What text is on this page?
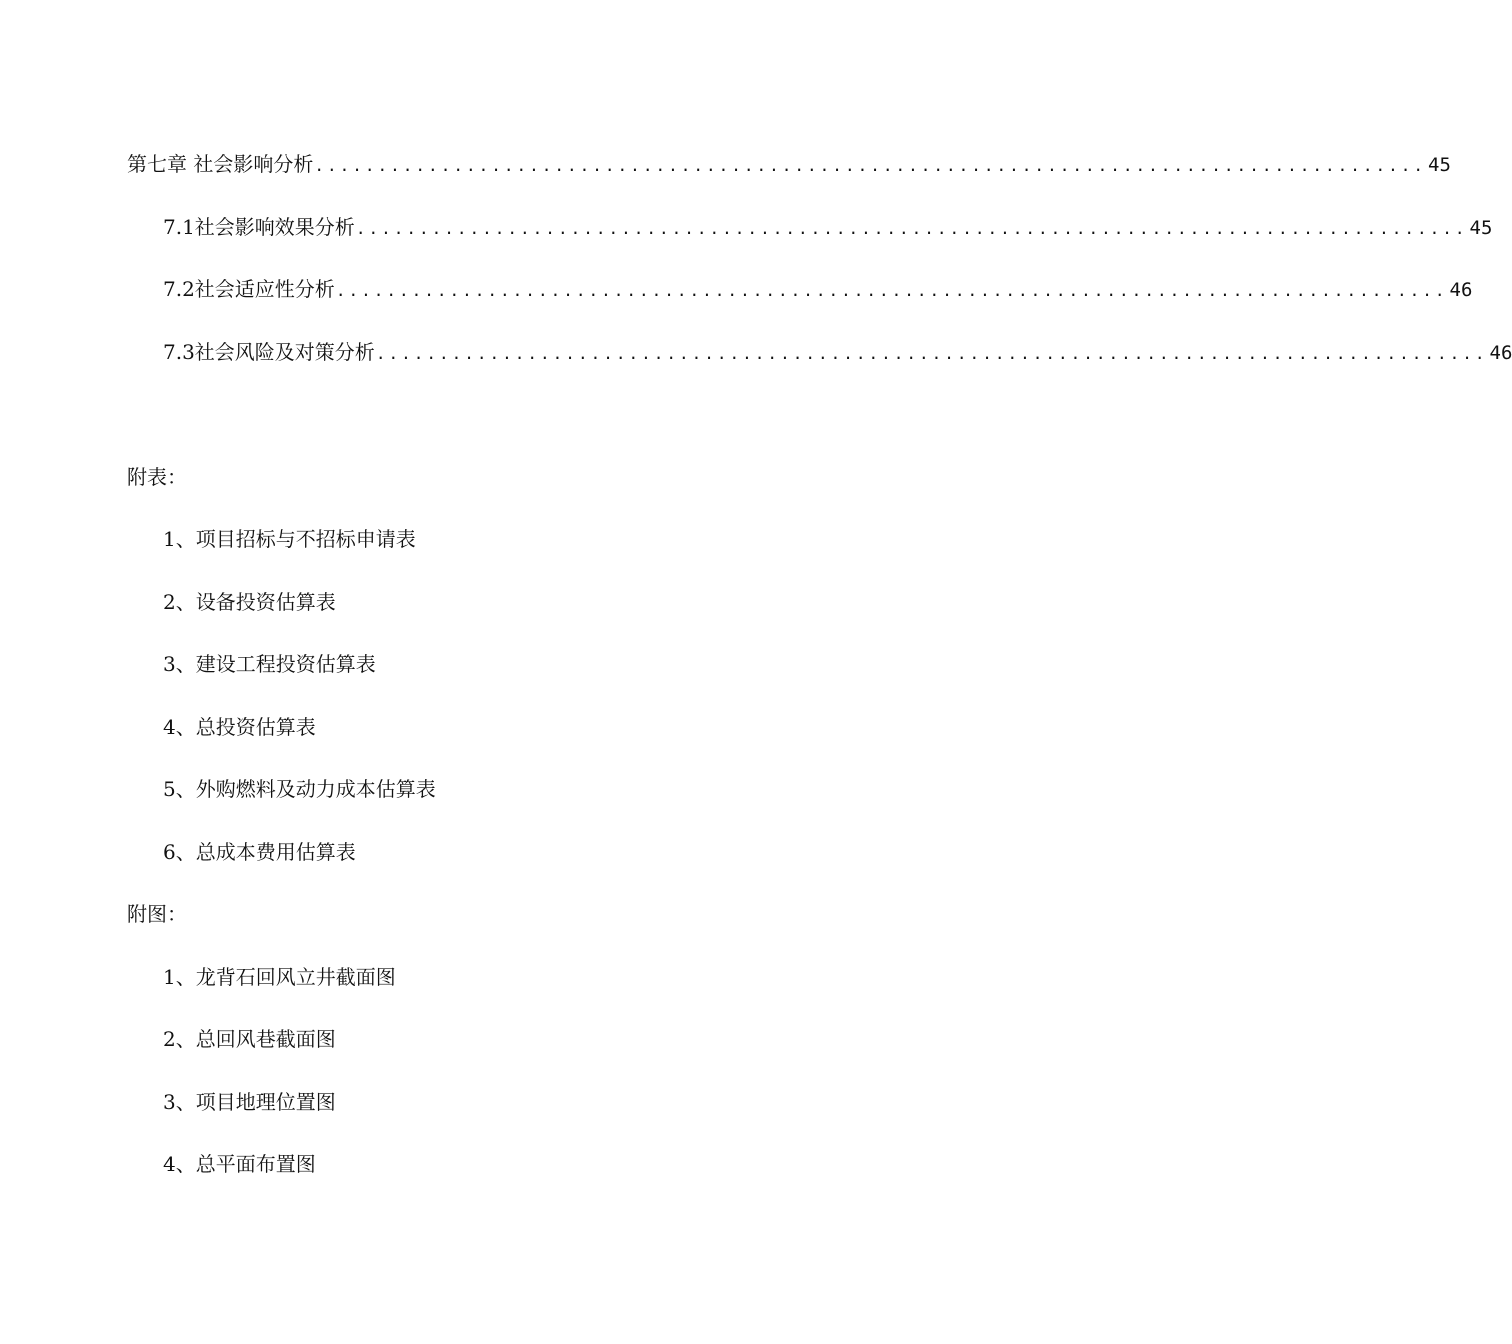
第七章 社会影响分析 ........................................................................................ 45
7.1社会影响效果分析 ........................................................................................ 45
7.2社会适应性分析 ........................................................................................ 46
7.3社会风险及对策分析 ........................................................................................ 46
附表：
1、项目招标与不招标申请表
2、设备投资估算表
3、建设工程投资估算表
4、总投资估算表
5、外购燃料及动力成本估算表
6、总成本费用估算表
附图：
1、龙背石回风立井截面图
2、总回风巷截面图
3、项目地理位置图
4、总平面布置图
